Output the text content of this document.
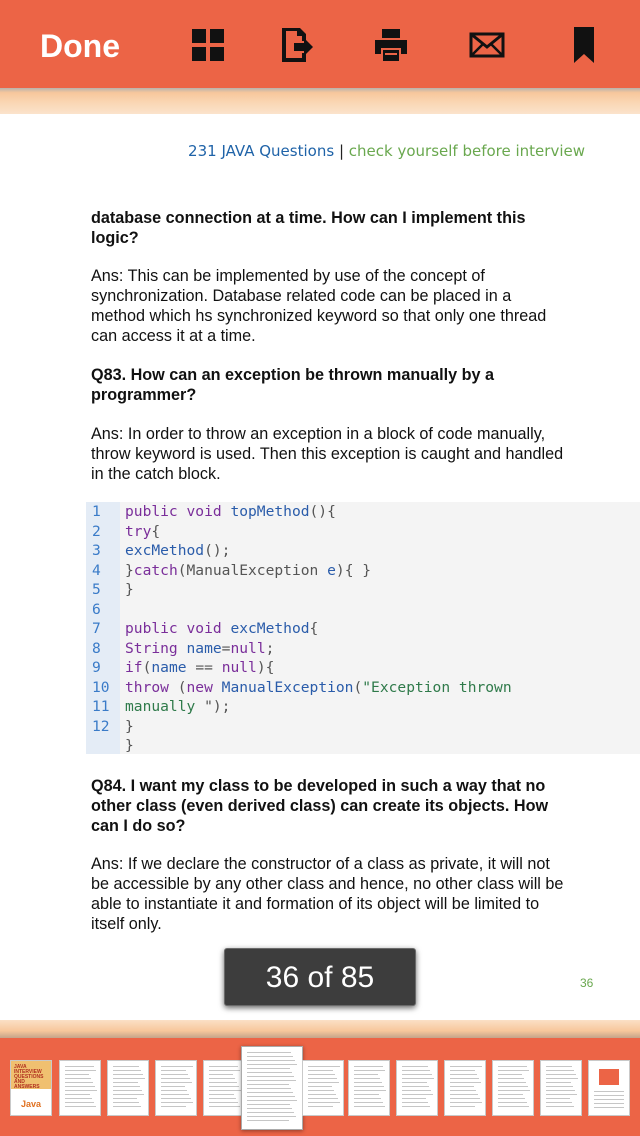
Done
231 JAVA Questions | check yourself before interview
database connection at a time. How can I implement this
logic?
Ans: This can be implemented by use of the concept of
synchronization. Database related code can be placed in a
method which hs synchronized keyword so that only one thread
can access it at a time.
Q83. How can an exception be thrown manually by a
programmer?
Ans: In order to throw an exception in a block of code manually,
throw keyword is used. Then this exception is caught and handled
in the catch block.
1
2
3
4
5
6
7
8
9
10
11
12
public void topMethod(){
try{
excMethod();
}catch(ManualException e){ }
}
public void excMethod{
String name=null;
if(name == null){
throw (new ManualException("Exception thrown
manually ");
}
}
Q84. I want my class to be developed in such a way that no
other class (even derived class) can create its objects. How
can I do so?
Ans: If we declare the constructor of a class as private, it will not
be accessible by any other class and hence, no other class will be
able to instantiate it and formation of its object will be limited to
itself only.
36
36 of 85
JAVA INTERVIEW QUESTIONS AND ANSWERS
Java
